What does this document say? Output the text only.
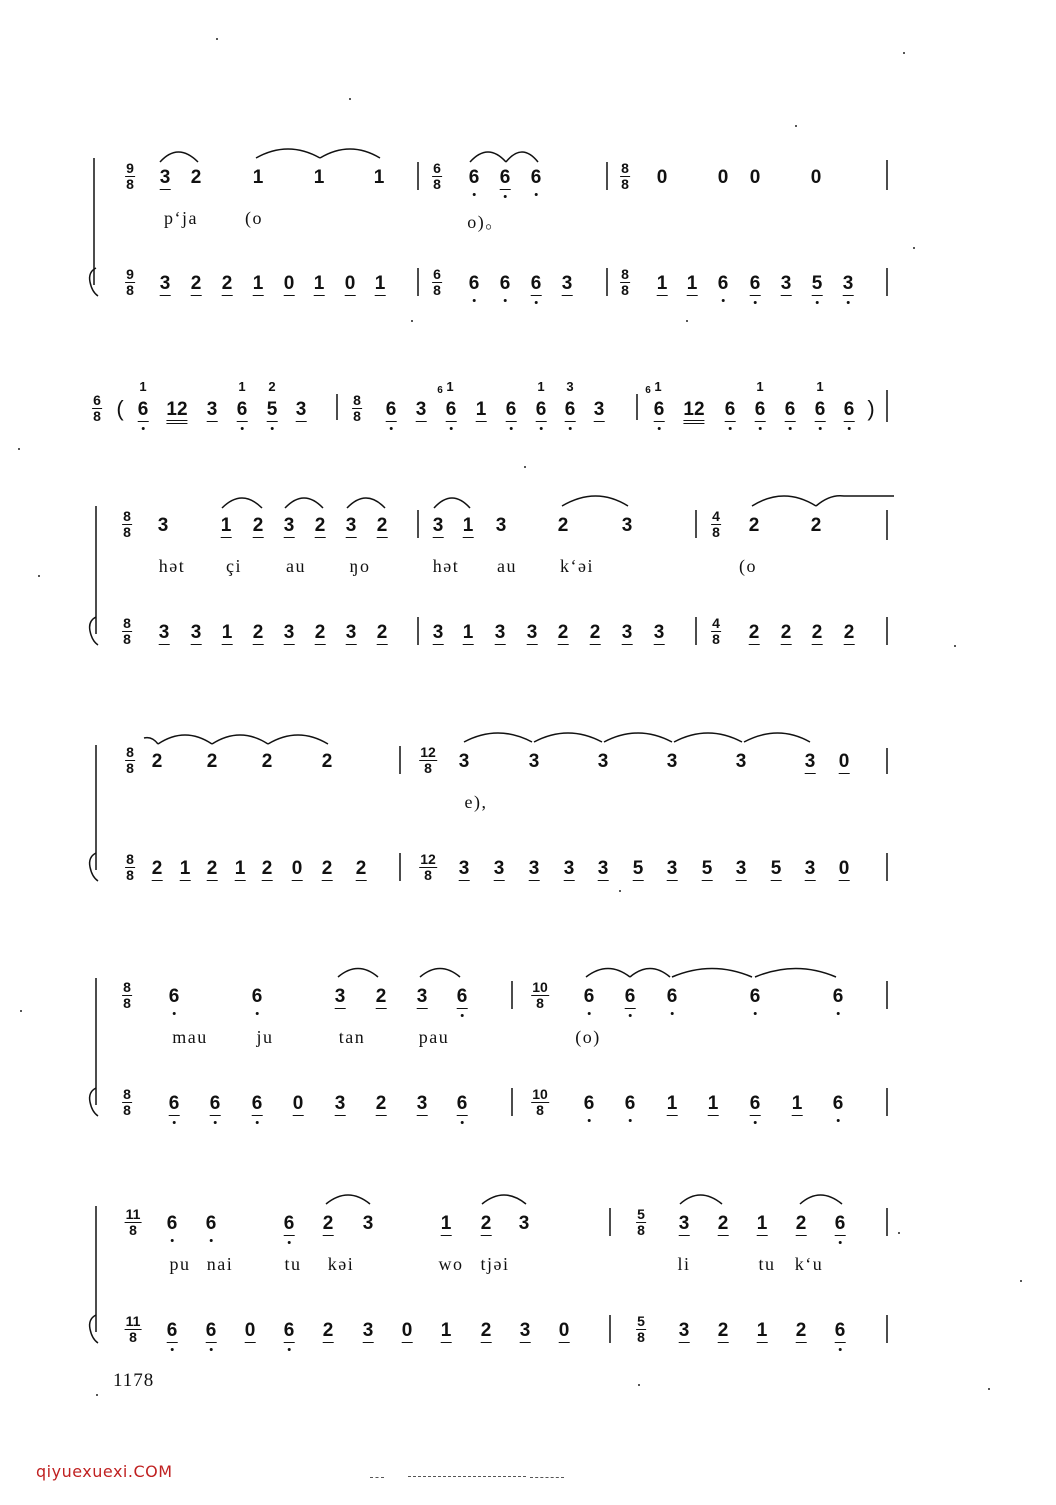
9
8 3 2	1	1	1	6
8 6 6 6	8
8 0	0 0	0
p‘ja	(o	o)。
9
8 3 2 2 1 0 1 0 1	6
8 6 6 6 3	8
8 1 1 6 6 3 5 3
6
8 ( 6
1
12 3 6
1
5
2
3	8
8 6 3 6
6 1
1 6 6
1
6
3
3	6
6 1
12 6 6
1
6 6
1
6 )
8
8 3	1 2 3 2 3 2 3 1 3	2	3	4
8 2	2
hət çi au ŋo	hət au k‘əi	(o
8
8 3 3 1 2 3 2 3 2 3 1 3 3 2 2 3 3	4
8 2 2 2 2
8
8 2 2 2	2	12
8 3	3	3	3	3	3 0
e),
8
8 2 1 2 1 2 0 2 2	12
8 3 3 3 3 3 5 3 5 3 5 3 0
8
8 6	6	3 2 3 6	10
8 6 6 6	6	6
mau	ju	tan	pau	(o)
8
8 6 6 6 0 3 2 3 6	10
8 6 6 1 1 6 1 6
11
8 6 6	6 2 3	1 2 3	5
8 3 2 1 2 6
pu nai	tu kəi	wo tjəi	li	tu k‘u
11
8 6 6 0 6 2 3 0 1 2 3 0	5
8 3 2 1 2 6
1178
qiyuexuexi.COM
